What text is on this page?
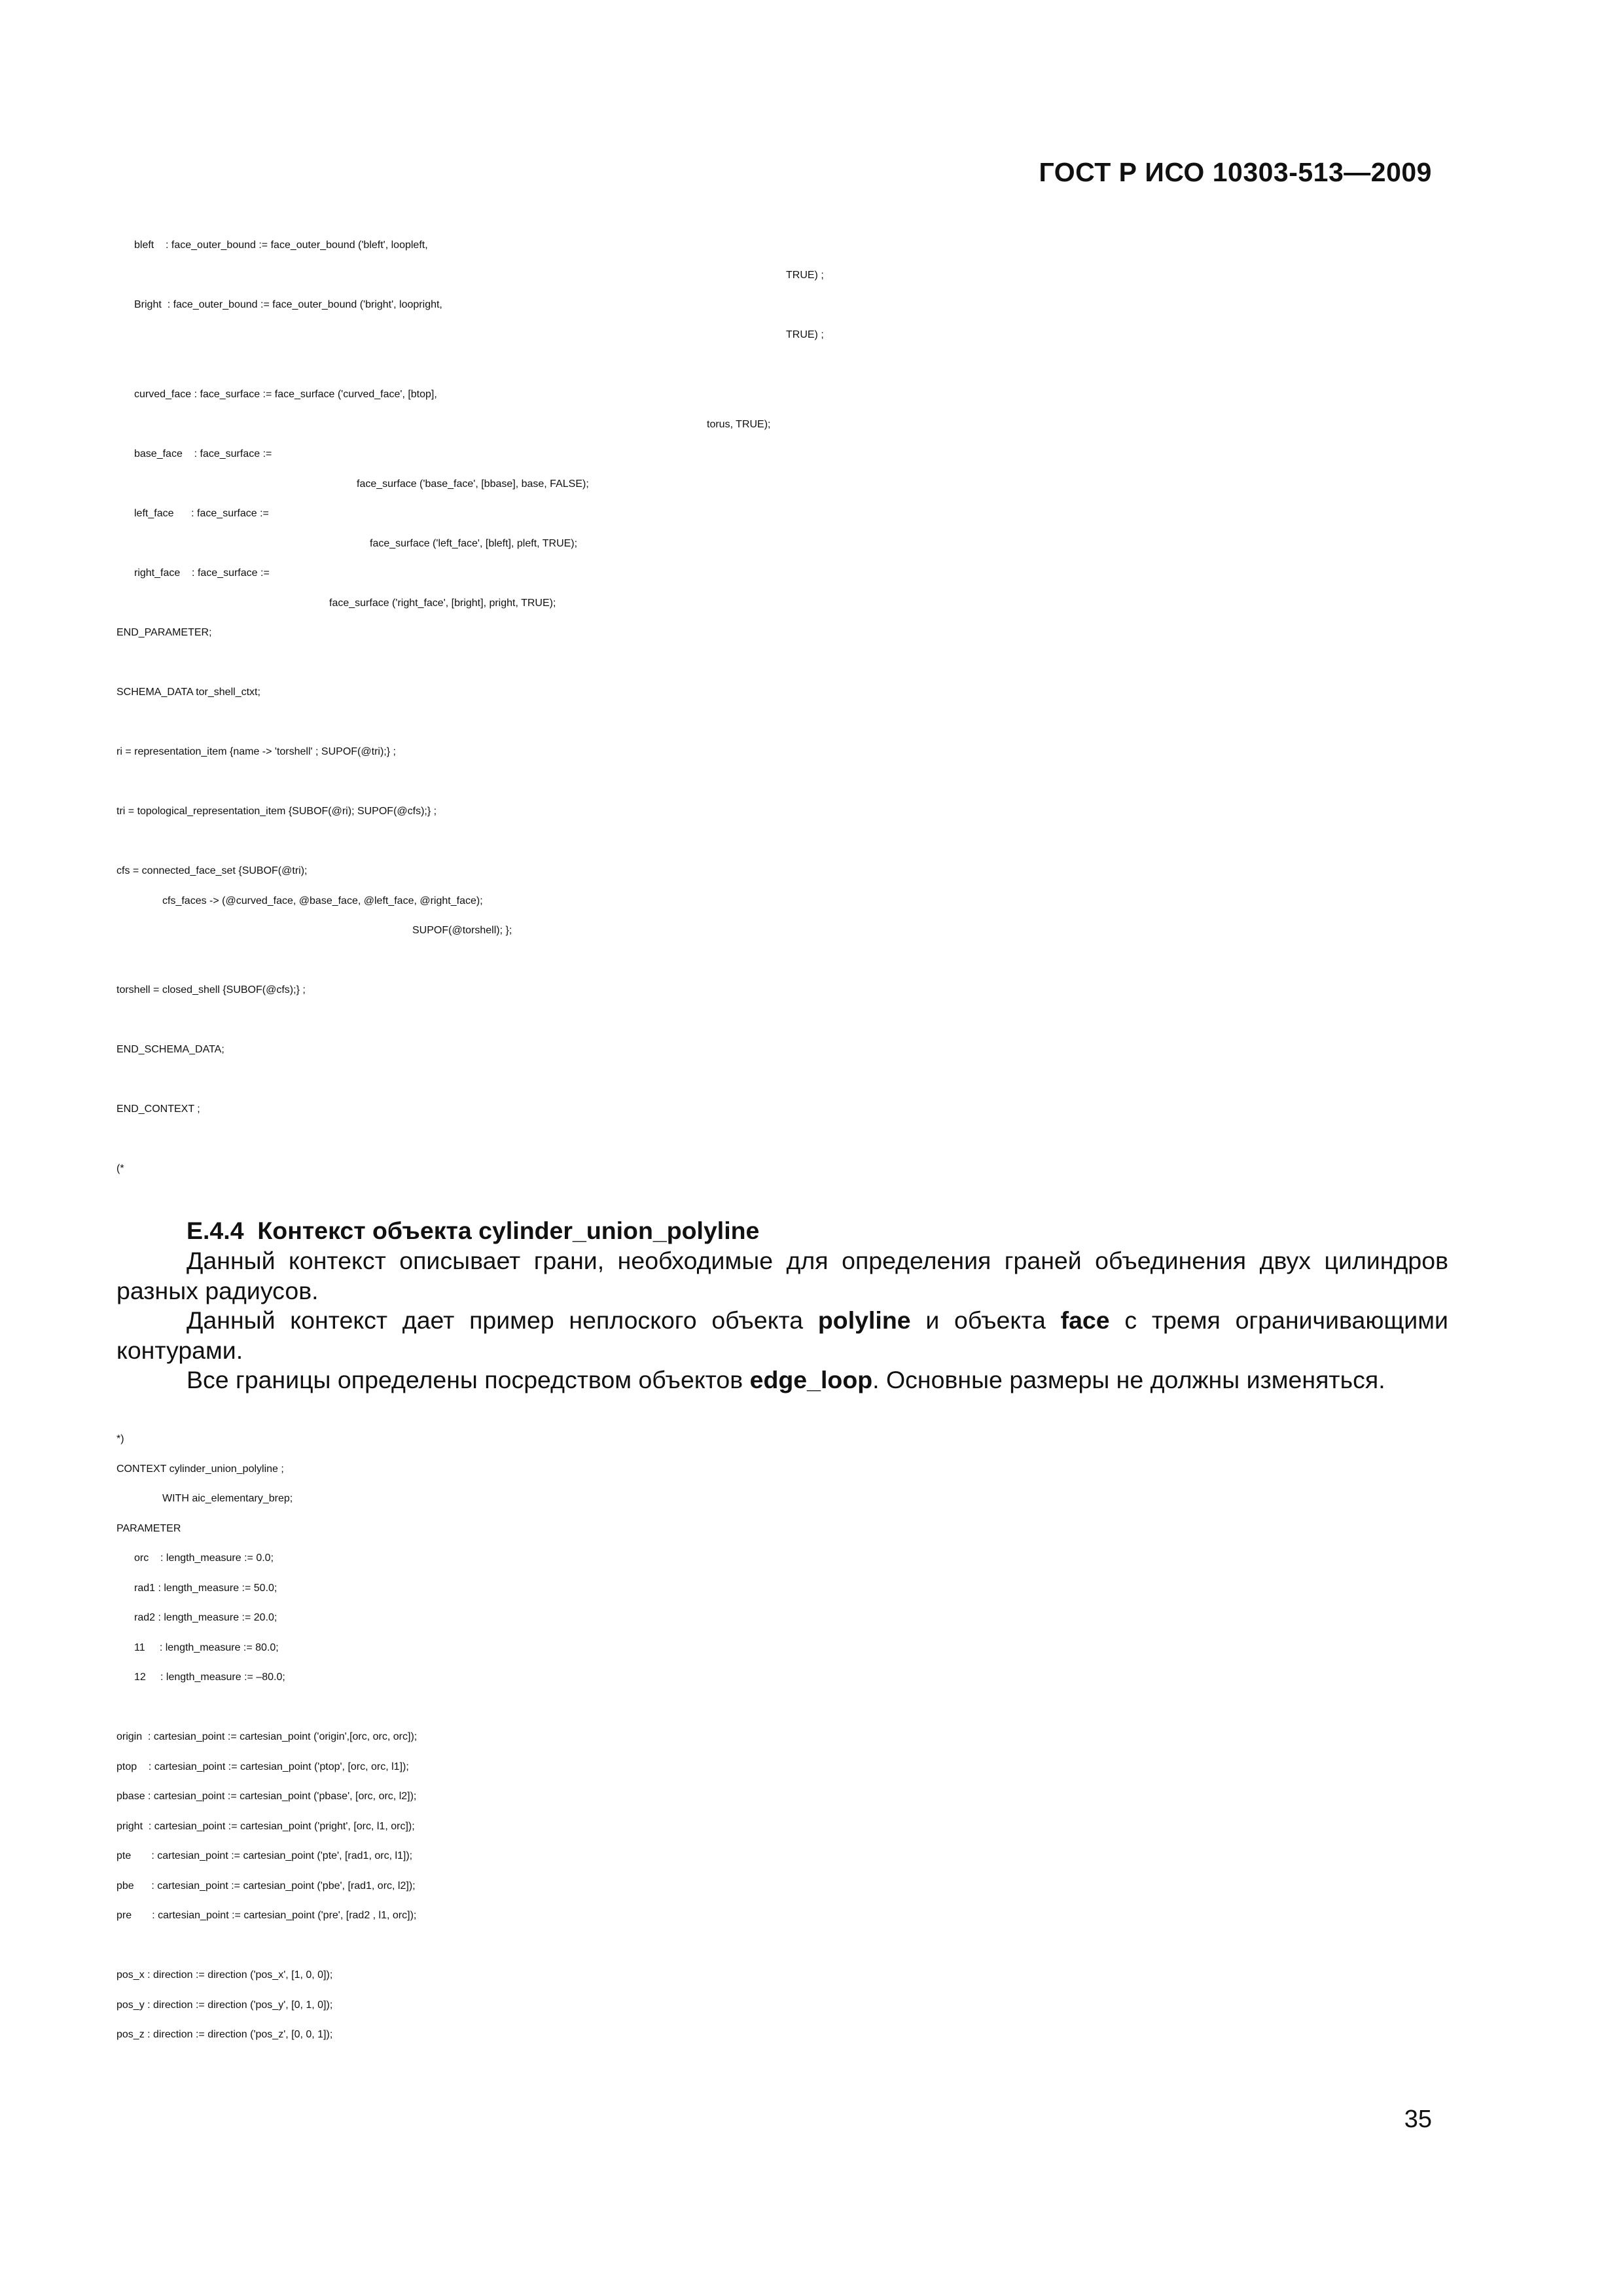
ГОСТ Р ИСО 10303-513—2009
bleft    : face_outer_bound := face_outer_bound ('bleft', loopleft,
TRUE) ;
Bright  : face_outer_bound := face_outer_bound ('bright', loopright,
TRUE) ;
curved_face : face_surface := face_surface ('curved_face', [btop],
torus, TRUE);
base_face    : face_surface :=
face_surface ('base_face', [bbase], base, FALSE);
left_face      : face_surface :=
face_surface ('left_face', [bleft], pleft, TRUE);
right_face    : face_surface :=
face_surface ('right_face', [bright], pright, TRUE);
END_PARAMETER;
SCHEMA_DATA tor_shell_ctxt;
ri = representation_item {name -> 'torshell' ; SUPOF(@tri);} ;
tri = topological_representation_item {SUBOF(@ri); SUPOF(@cfs);} ;
cfs = connected_face_set {SUBOF(@tri);
cfs_faces -> (@curved_face, @base_face, @left_face, @right_face);
SUPOF(@torshell); };
torshell = closed_shell {SUBOF(@cfs);} ;
END_SCHEMA_DATA;
END_CONTEXT ;
(*
E.4.4  Контекст объекта cylinder_union_polyline
Данный контекст описывает грани, необходимые для определения граней объединения двух цилиндров разных радиусов.
Данный контекст дает пример неплоского объекта polyline и объекта face с тремя ограничивающими контурами.
Все границы определены посредством объектов edge_loop. Основные размеры не должны изменяться.
*)
CONTEXT cylinder_union_polyline ;
WITH aic_elementary_brep;
PARAMETER
orc    : length_measure := 0.0;
rad1 : length_measure := 50.0;
rad2 : length_measure := 20.0;
11     : length_measure := 80.0;
12     : length_measure := –80.0;
origin  : cartesian_point := cartesian_point ('origin',[orc, orc, orc]);
ptop    : cartesian_point := cartesian_point ('ptop', [orc, orc, l1]);
pbase : cartesian_point := cartesian_point ('pbase', [orc, orc, l2]);
pright  : cartesian_point := cartesian_point ('pright', [orc, l1, orc]);
pte       : cartesian_point := cartesian_point ('pte', [rad1, orc, l1]);
pbe      : cartesian_point := cartesian_point ('pbe', [rad1, orc, l2]);
pre       : cartesian_point := cartesian_point ('pre', [rad2 , l1, orc]);
pos_x : direction := direction ('pos_x', [1, 0, 0]);
pos_y : direction := direction ('pos_y', [0, 1, 0]);
pos_z : direction := direction ('pos_z', [0, 0, 1]);
35
